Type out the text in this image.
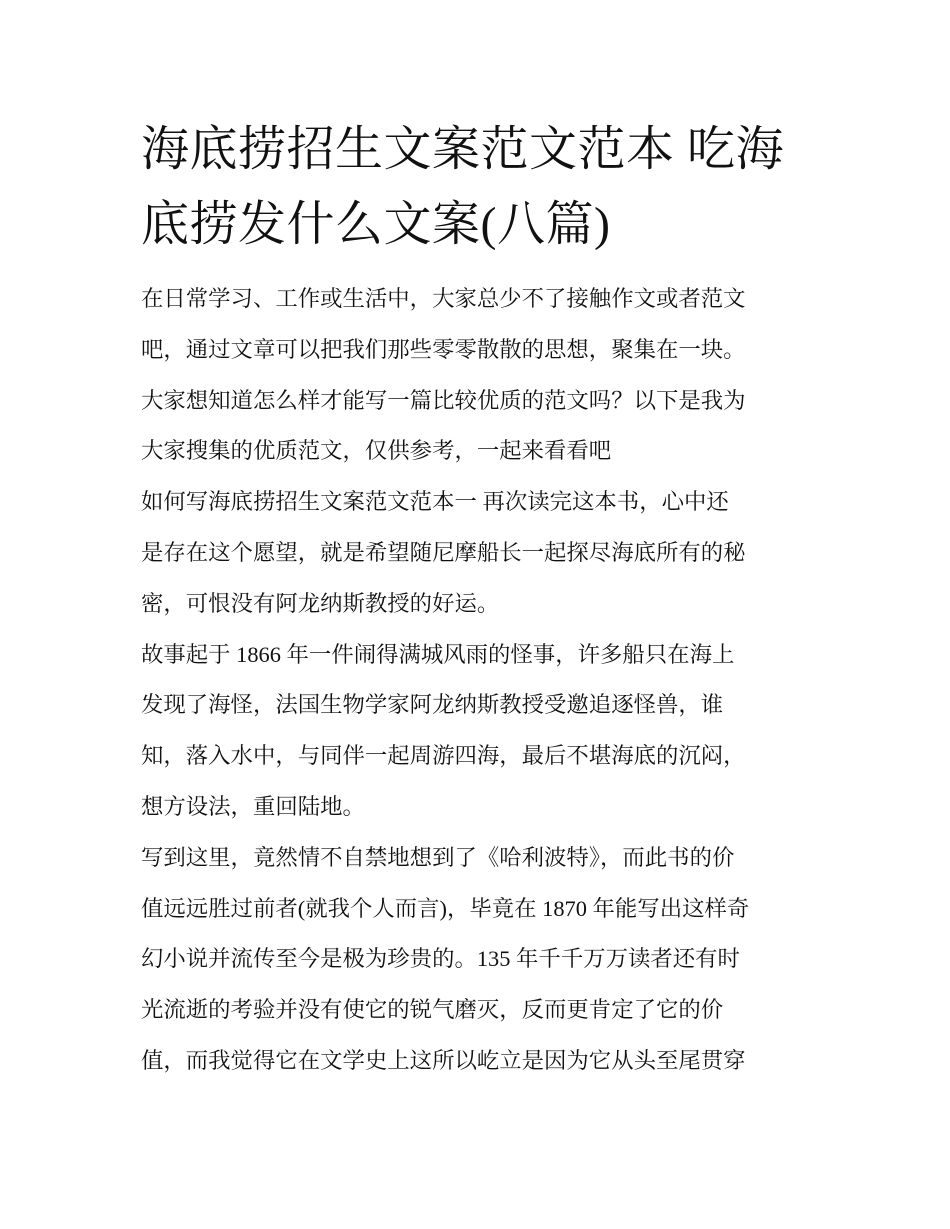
海底捞招生文案范文范本 吃海
底捞发什么文案(八篇)

在日常学习、工作或生活中，大家总少不了接触作文或者范文
吧，通过文章可以把我们那些零零散散的思想，聚集在一块。
大家想知道怎么样才能写一篇比较优质的范文吗？以下是我为
大家搜集的优质范文，仅供参考，一起来看看吧

如何写海底捞招生文案范文范本一 再次读完这本书，心中还
是存在这个愿望，就是希望随尼摩船长一起探尽海底所有的秘
密，可恨没有阿龙纳斯教授的好运。

故事起于 1866 年一件闹得满城风雨的怪事，许多船只在海上
发现了海怪，法国生物学家阿龙纳斯教授受邀追逐怪兽，谁
知，落入水中，与同伴一起周游四海，最后不堪海底的沉闷，
想方设法，重回陆地。

写到这里，竟然情不自禁地想到了《哈利波特》，而此书的价
值远远胜过前者(就我个人而言)，毕竟在 1870 年能写出这样奇
幻小说并流传至今是极为珍贵的。135 年千千万万读者还有时
光流逝的考验并没有使它的锐气磨灭，反而更肯定了它的价
值，而我觉得它在文学史上这所以屹立是因为它从头至尾贯穿
